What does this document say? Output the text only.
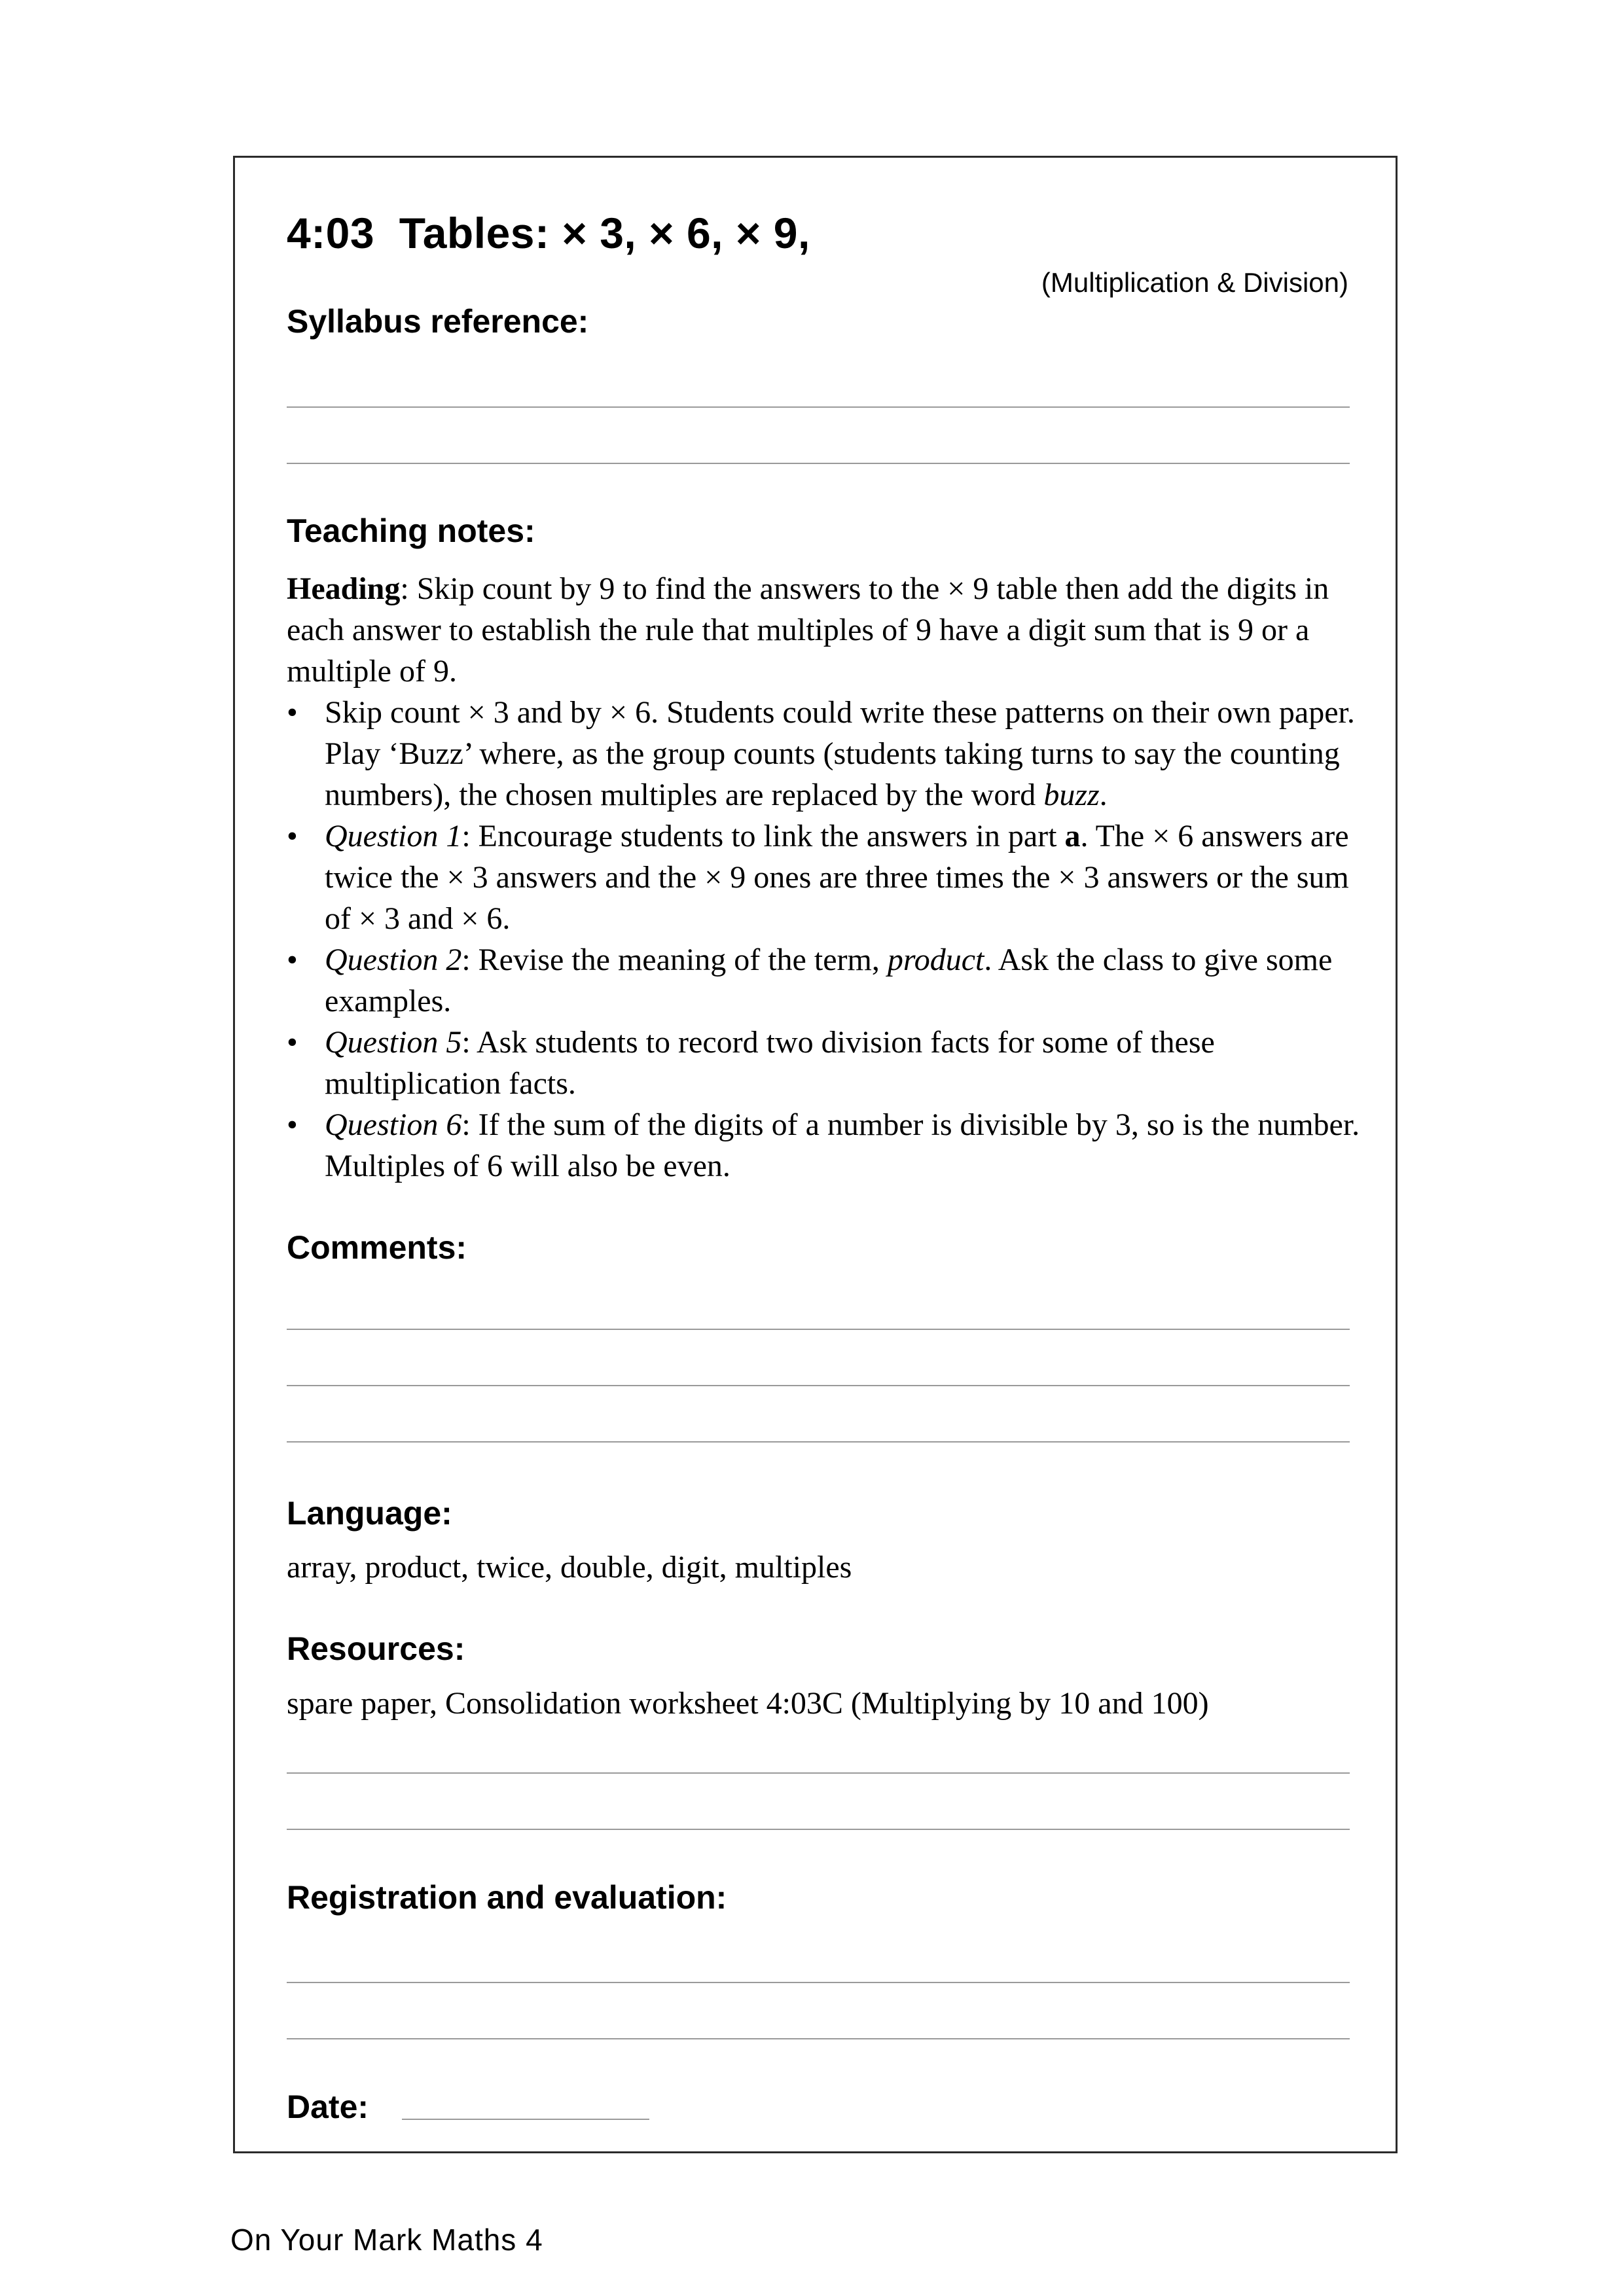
4:03 Tables: × 3, × 6, × 9,
(Multiplication & Division)
Syllabus reference:
Teaching notes:

Heading: Skip count by 9 to find the answers to the × 9 table then add the digits in each answer to establish the rule that multiples of 9 have a digit sum that is 9 or a multiple of 9.

• Skip count × 3 and by × 6. Students could write these patterns on their own paper. Play ‘Buzz’ where, as the group counts (students taking turns to say the counting numbers), the chosen multiples are replaced by the word buzz.
• Question 1: Encourage students to link the answers in part a. The × 6 answers are twice the × 3 answers and the × 9 ones are three times the × 3 answers or the sum of × 3 and × 6.
• Question 2: Revise the meaning of the term, product. Ask the class to give some examples.
• Question 5: Ask students to record two division facts for some of these multiplication facts.
• Question 6: If the sum of the digits of a number is divisible by 3, so is the number. Multiples of 6 will also be even.
Comments:
Language:
array, product, twice, double, digit, multiples
Resources:
spare paper, Consolidation worksheet 4:03C (Multiplying by 10 and 100)
Registration and evaluation:
Date:
On Your Mark Maths 4
